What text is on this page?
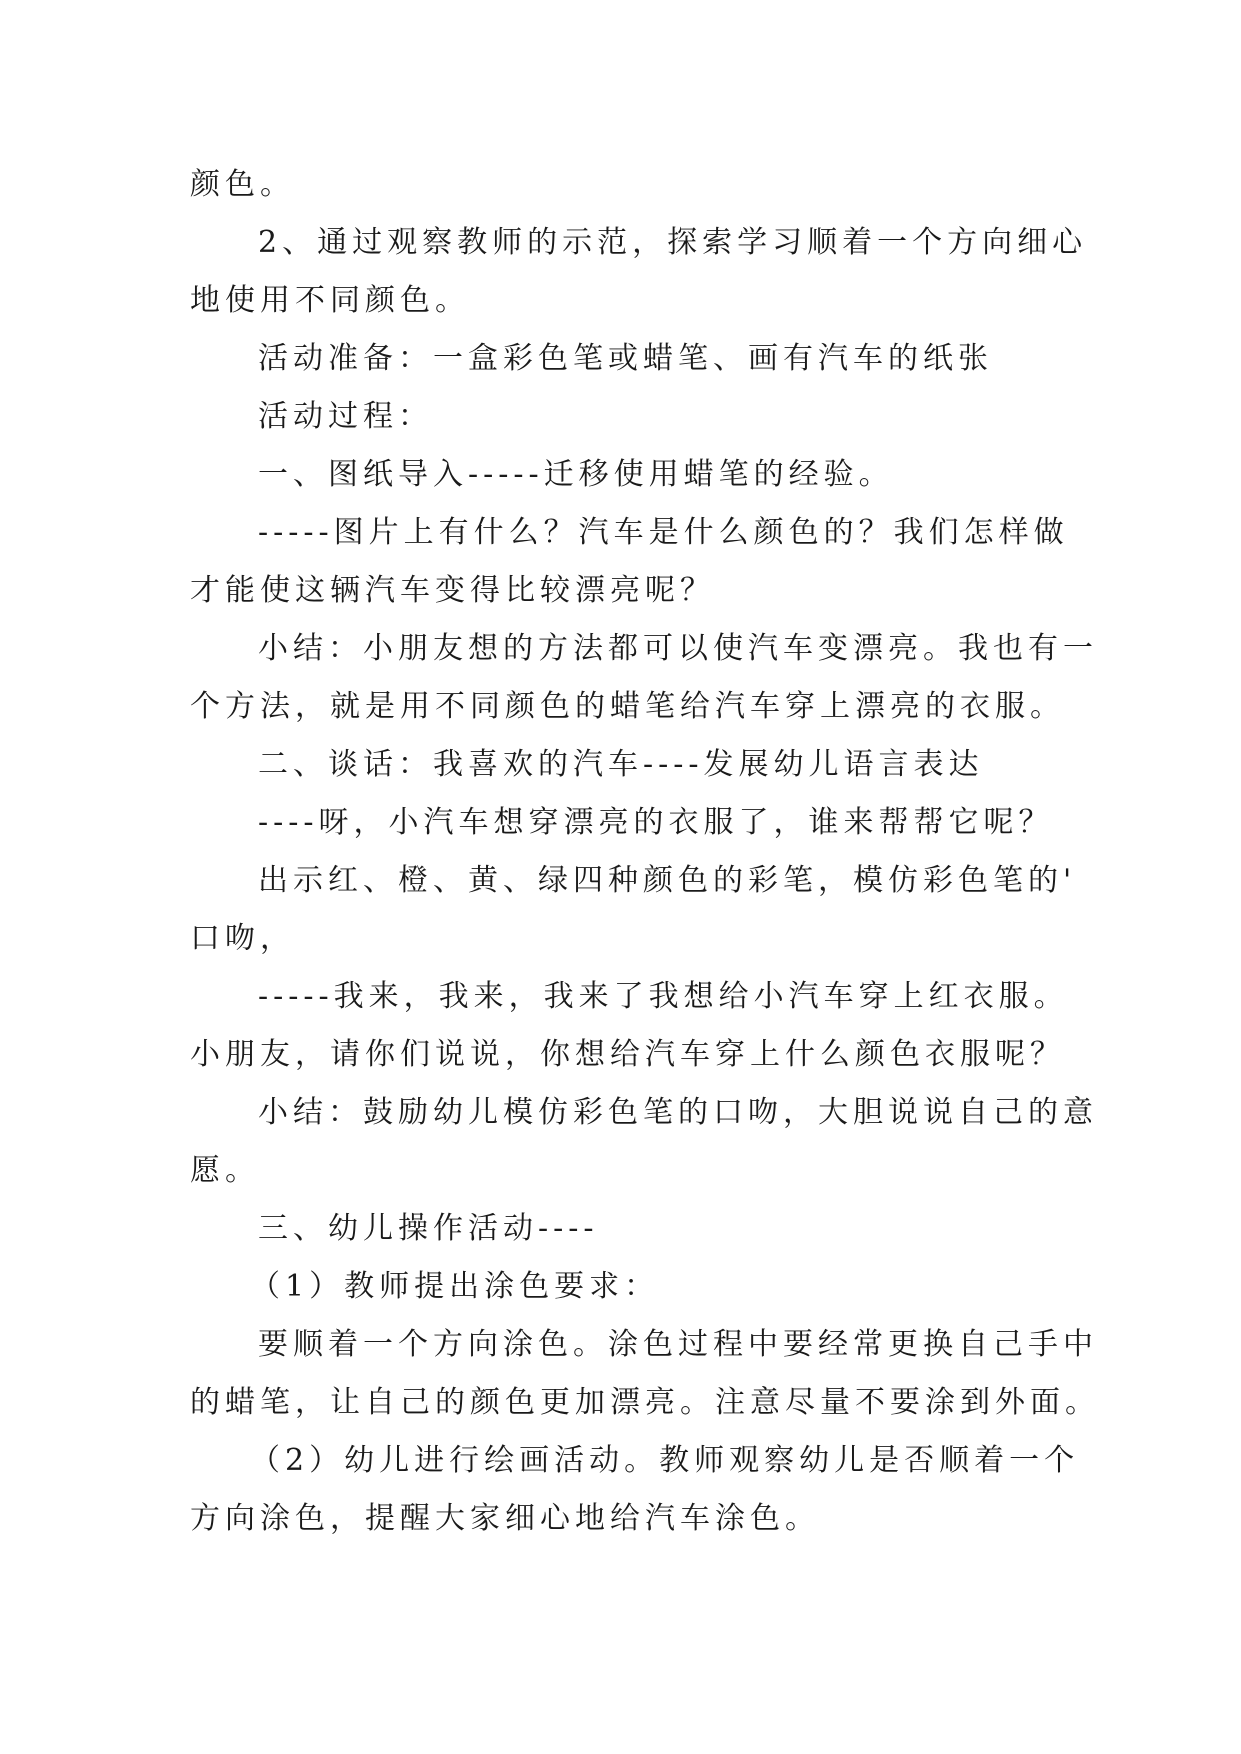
颜色。
2、通过观察教师的示范，探索学习顺着一个方向细心
地使用不同颜色。
活动准备：一盒彩色笔或蜡笔、画有汽车的纸张
活动过程：
一、图纸导入-----迁移使用蜡笔的经验。
-----图片上有什么？汽车是什么颜色的？我们怎样做
才能使这辆汽车变得比较漂亮呢？
小结：小朋友想的方法都可以使汽车变漂亮。我也有一
个方法，就是用不同颜色的蜡笔给汽车穿上漂亮的衣服。
二、谈话：我喜欢的汽车----发展幼儿语言表达
----呀，小汽车想穿漂亮的衣服了，谁来帮帮它呢？
出示红、橙、黄、绿四种颜色的彩笔，模仿彩色笔的'
口吻，
-----我来，我来，我来了我想给小汽车穿上红衣服。
小朋友，请你们说说，你想给汽车穿上什么颜色衣服呢？
小结：鼓励幼儿模仿彩色笔的口吻，大胆说说自己的意
愿。
三、幼儿操作活动----
（1）教师提出涂色要求：
要顺着一个方向涂色。涂色过程中要经常更换自己手中
的蜡笔，让自己的颜色更加漂亮。注意尽量不要涂到外面。
（2）幼儿进行绘画活动。教师观察幼儿是否顺着一个
方向涂色，提醒大家细心地给汽车涂色。
